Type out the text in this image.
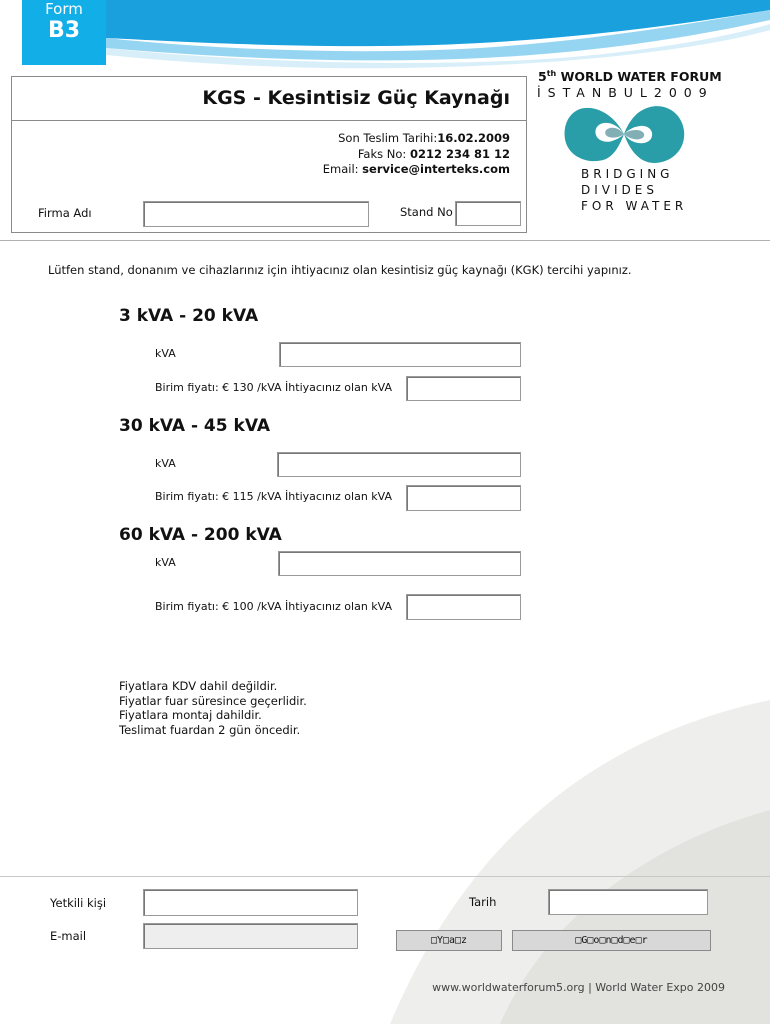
Form
B3
KGS - Kesintisiz Güç Kaynağı
Son Teslim Tarihi:16.02.2009
Faks No: 0212 234 81 12
Email: service@interteks.com
Firma Adı	Stand No
5th WORLD WATER FORUM
İSTANBUL2009
BRIDGING
DIVIDES
FOR WATER
Lütfen stand, donanım ve cihazlarınız için ihtiyacınız olan kesintisiz güç kaynağı (KGK) tercihi yapınız.
3 kVA - 20 kVA
kVA
Birim fiyatı: € 130 /kVA İhtiyacınız olan kVA
30 kVA - 45 kVA
kVA
Birim fiyatı: € 115 /kVA İhtiyacınız olan kVA
60 kVA - 200 kVA
kVA
Birim fiyatı: € 100 /kVA İhtiyacınız olan kVA
Fiyatlara KDV dahil değildir.
Fiyatlar fuar süresince geçerlidir.
Fiyatlara montaj dahildir.
Teslimat fuardan 2 gün öncedir.
Yetkili kişi	Tarih
E-mail	□Y□a□z	□G□o□n□d□e□r
www.worldwaterforum5.org | World Water Expo 2009
